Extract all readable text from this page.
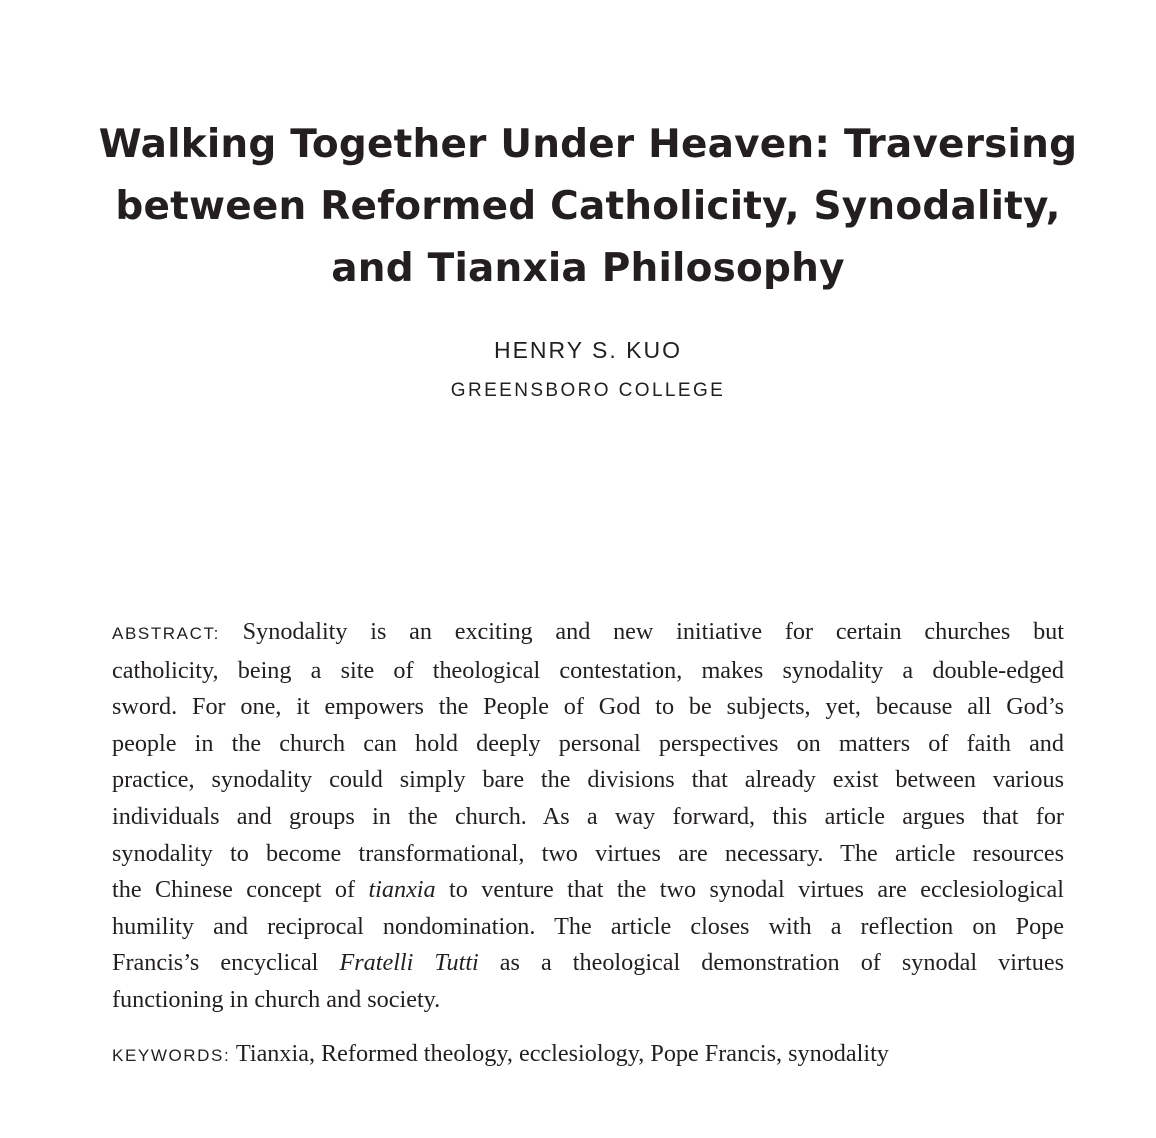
Walking Together Under Heaven: Traversing
between Reformed Catholicity, Synodality,
and Tianxia Philosophy
HENRY S. KUO
GREENSBORO COLLEGE

ABSTRACT: Synodality is an exciting and new initiative for certain churches but
catholicity, being a site of theological contestation, makes synodality a double-edged
sword. For one, it empowers the People of God to be subjects, yet, because all God’s
people in the church can hold deeply personal perspectives on matters of faith and
practice, synodality could simply bare the divisions that already exist between various
individuals and groups in the church. As a way forward, this article argues that for
synodality to become transformational, two virtues are necessary. The article resources
the Chinese concept of tianxia to venture that the two synodal virtues are ecclesiological
humility and reciprocal nondomination. The article closes with a reflection on Pope
Francis’s encyclical Fratelli Tutti as a theological demonstration of synodal virtues
functioning in church and society.

KEYWORDS: Tianxia, Reformed theology, ecclesiology, Pope Francis, synodality
